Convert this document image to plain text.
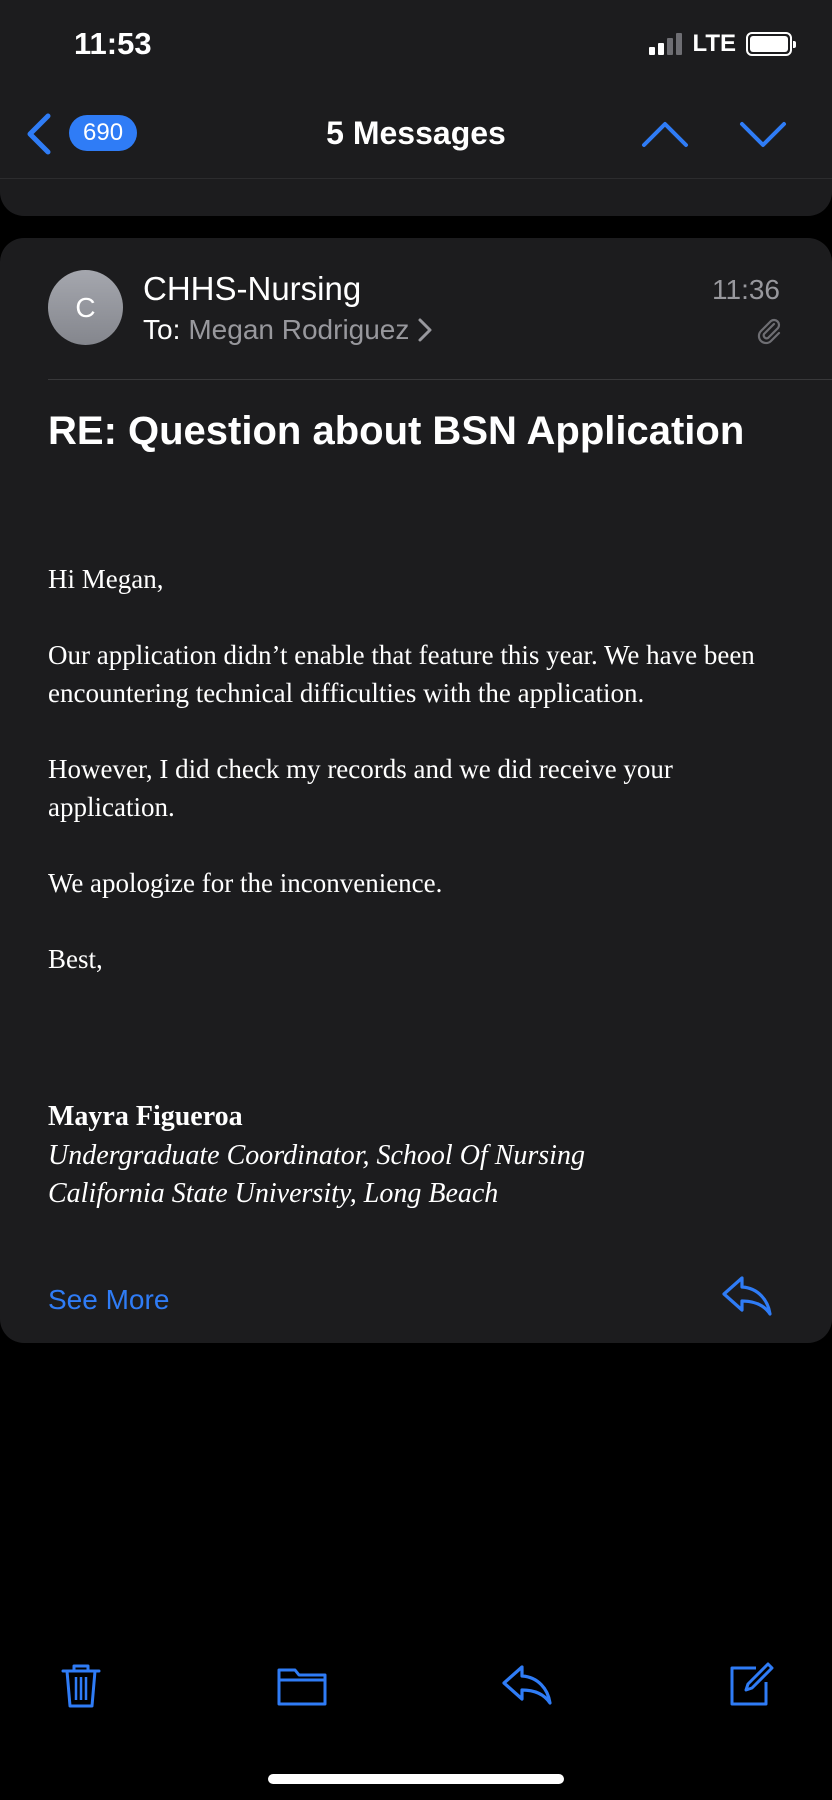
11:53	LTE
690	5 Messages
C	CHHS-Nursing
To: Megan Rodriguez
11:36
RE: Question about BSN Application

Hi Megan,

Our application didn’t enable that feature this year. We have been encountering technical difficulties with the application.

However, I did check my records and we did receive your application.

We apologize for the inconvenience.

Best,

Mayra Figueroa
Undergraduate Coordinator, School Of Nursing
California State University, Long Beach
See More
